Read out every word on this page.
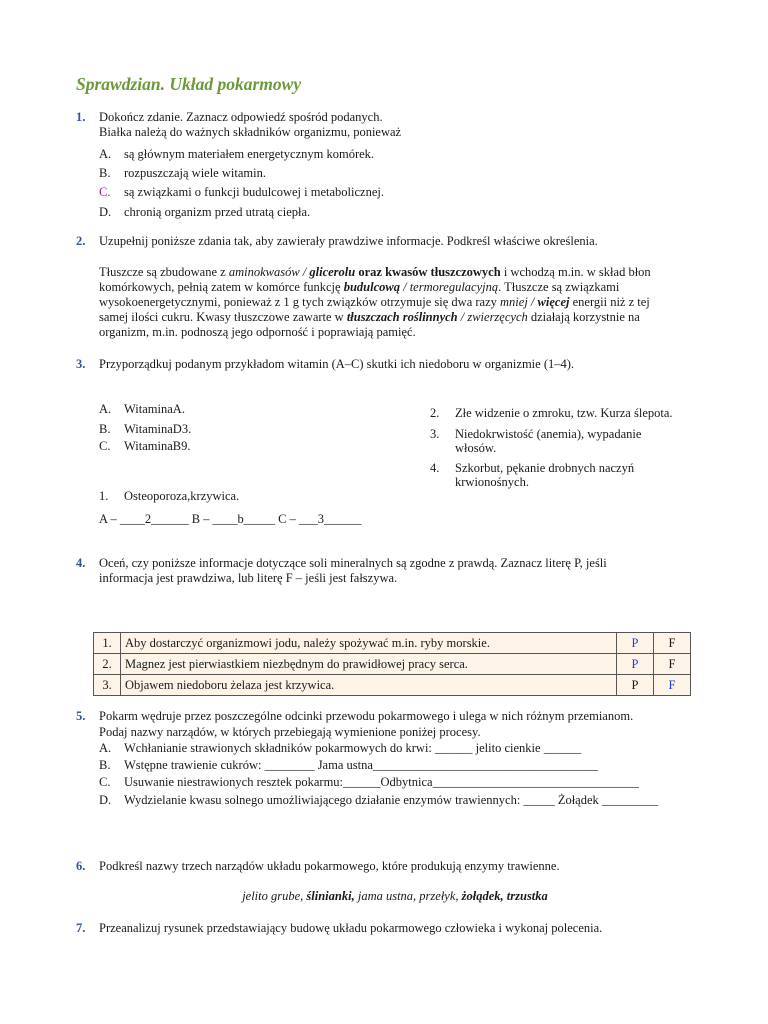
Sprawdzian. Układ pokarmowy
1.	Dokończ zdanie. Zaznacz odpowiedź spośród podanych.
Białka należą do ważnych składników organizmu, ponieważ
A. są głównym materiałem energetycznym komórek.
B. rozpuszczają wiele witamin.
C. są związkami o funkcji budulcowej i metabolicznej.
D. chronią organizm przed utratą ciepła.
2.	Uzupełnij poniższe zdania tak, aby zawierały prawdziwe informacje. Podkreśl właściwe określenia.
Tłuszcze są zbudowane z aminokwasów / glicerolu oraz kwasów tłuszczowych i wchodzą m.in. w skład błon
komórkowych, pełnią zatem w komórce funkcję budulcową / termoregulacyjną. Tłuszcze są związkami
wysokoenergetycznymi, ponieważ z 1 g tych związków otrzymuje się dwa razy mniej / więcej energii niż z tej
samej ilości cukru. Kwasy tłuszczowe zawarte w tłuszczach roślinnych / zwierzęcych działają korzystnie na
organizm, m.in. podnoszą jego odporność i poprawiają pamięć.
3.	Przyporządkuj podanym przykładom witamin (A–C) skutki ich niedoboru w organizmie (1–4).
A. WitaminaA.
B. WitaminaD3.
C. WitaminaB9.
1. Osteoporoza,krzywica.
A – ____2______ B – ____b_____ C – ___3______
2. Złe widzenie o zmroku, tzw. Kurza ślepota.
3. Niedokrwistość (anemia), wypadanie
włosów.
4. Szkorbut, pękanie drobnych naczyń
krwionośnych.
4.	Oceń, czy poniższe informacje dotyczące soli mineralnych są zgodne z prawdą. Zaznacz literę P, jeśli
informacja jest prawdziwa, lub literę F – jeśli jest fałszywa.
1.	Aby dostarczyć organizmowi jodu, należy spożywać m.in. ryby morskie.	P	F
2.	Magnez jest pierwiastkiem niezbędnym do prawidłowej pracy serca.	P	F
3.	Objawem niedoboru żelaza jest krzywica.	P	F
5.	Pokarm wędruje przez poszczególne odcinki przewodu pokarmowego i ulega w nich różnym przemianom.
Podaj nazwy narządów, w których przebiegają wymienione poniżej procesy.
A. Wchłanianie strawionych składników pokarmowych do krwi: ______ jelito cienkie ______
B. Wstępne trawienie cukrów: ________ Jama ustna____________________________________
C. Usuwanie niestrawionych resztek pokarmu:______Odbytnica_________________________________
D. Wydzielanie kwasu solnego umożliwiającego działanie enzymów trawiennych: _____ Żołądek _________
6.	Podkreśl nazwy trzech narządów układu pokarmowego, które produkują enzymy trawienne.
jelito grube, ślinianki, jama ustna, przełyk, żołądek, trzustka
7.	Przeanalizuj rysunek przedstawiający budowę układu pokarmowego człowieka i wykonaj polecenia.
